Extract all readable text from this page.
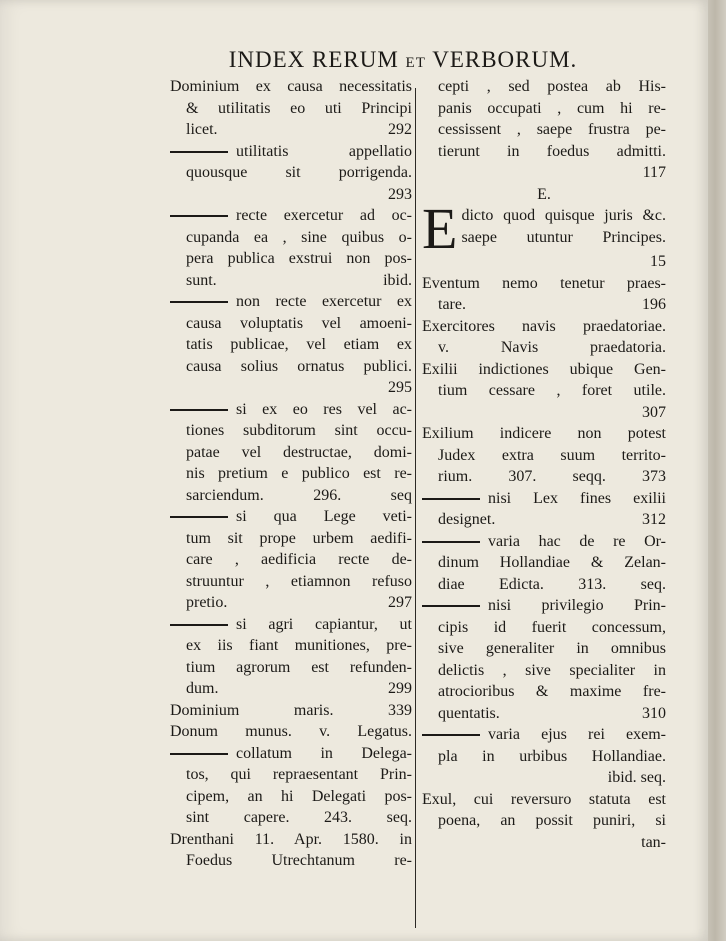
INDEX RERUM ET VERBORUM.

Dominium ex causa necessitatis

& utilitatis eo uti Principi

licet. 292

utilitatis appellatio

quousque sit porrigenda.

293

recte exercetur ad oc-

cupanda ea , sine quibus o-

pera publica exstrui non pos-

sunt. ibid.

non recte exercetur ex

causa voluptatis vel amoeni-

tatis publicae, vel etiam ex

causa solius ornatus publici.

295

si ex eo res vel ac-

tiones subditorum sint occu-

patae vel destructae, domi-

nis pretium e publico est re-

sarciendum. 296. seq

si qua Lege veti-

tum sit prope urbem aedifi-

care , aedificia recte de-

struuntur , etiamnon refuso

pretio. 297

si agri capiantur, ut

ex iis fiant munitiones, pre-

tium agrorum est refunden-

dum. 299

Dominium maris. 339

Donum munus. v. Legatus.

collatum in Delega-

tos, qui repraesentant Prin-

cipem, an hi Delegati pos-

sint capere. 243. seq.

Drenthani 11. Apr. 1580. in

Foedus Utrechtanum re-

cepti , sed postea ab His-

panis occupati , cum hi re-

cessissent , saepe frustra pe-

tierunt in foedus admitti.

117

E.

E dicto quod quisque juris &c.

saepe utuntur Principes.

15

Eventum nemo tenetur praes-

tare. 196

Exercitores navis praedatoriae.

v. Navis praedatoria.

Exilii indictiones ubique Gen-

tium cessare , foret utile.

307

Exilium indicere non potest

Judex extra suum territo-

rium. 307. seqq. 373

nisi Lex fines exilii

designet. 312

varia hac de re Or-

dinum Hollandiae & Zelan-

diae Edicta. 313. seq.

nisi privilegio Prin-

cipis id fuerit concessum,

sive generaliter in omnibus

delictis , sive specialiter in

atrocioribus & maxime fre-

quentatis. 310

varia ejus rei exem-

pla in urbibus Hollandiae.

ibid. seq.

Exul, cui reversuro statuta est

poena, an possit puniri, si

tan-
